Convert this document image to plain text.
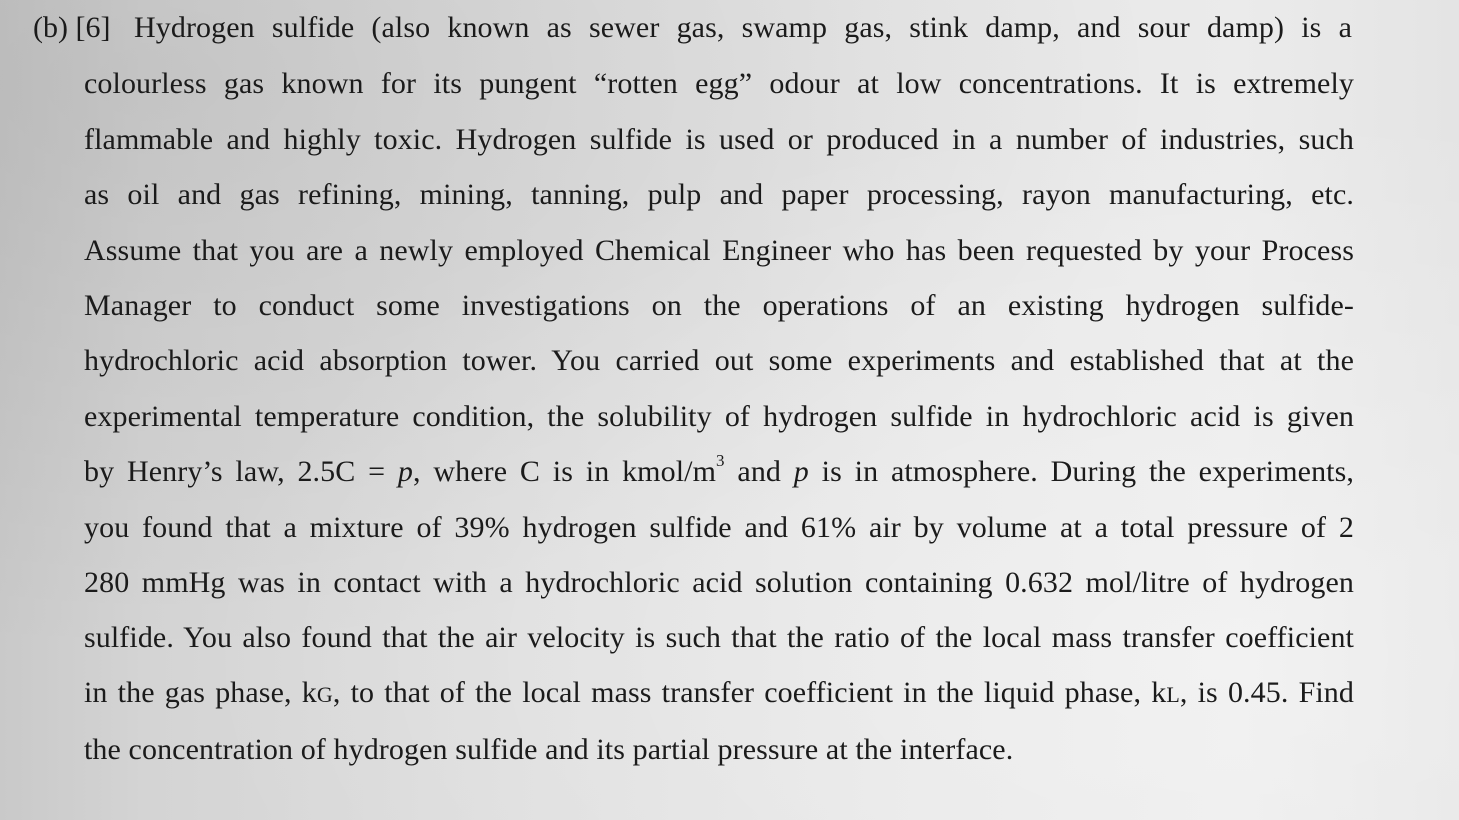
(b) [6] Hydrogen sulfide (also known as sewer gas, swamp gas, stink damp, and sour damp) is a
colourless gas known for its pungent “rotten egg” odour at low concentrations. It is extremely
flammable and highly toxic. Hydrogen sulfide is used or produced in a number of industries, such
as oil and gas refining, mining, tanning, pulp and paper processing, rayon manufacturing, etc.
Assume that you are a newly employed Chemical Engineer who has been requested by your Process
Manager to conduct some investigations on the operations of an existing hydrogen sulfide-
hydrochloric acid absorption tower. You carried out some experiments and established that at the
experimental temperature condition, the solubility of hydrogen sulfide in hydrochloric acid is given
by Henry’s law, 2.5C = p, where C is in kmol/$m^3$ and p is in atmosphere. During the experiments,
you found that a mixture of 39% hydrogen sulfide and 61% air by volume at a total pressure of 2
280 mmHg was in contact with a hydrochloric acid solution containing 0.632 mol/litre of hydrogen
sulfide. You also found that the air velocity is such that the ratio of the local mass transfer coefficient
in the gas phase, kG, to that of the local mass transfer coefficient in the liquid phase, kL, is 0.45. Find
the concentration of hydrogen sulfide and its partial pressure at the interface.
